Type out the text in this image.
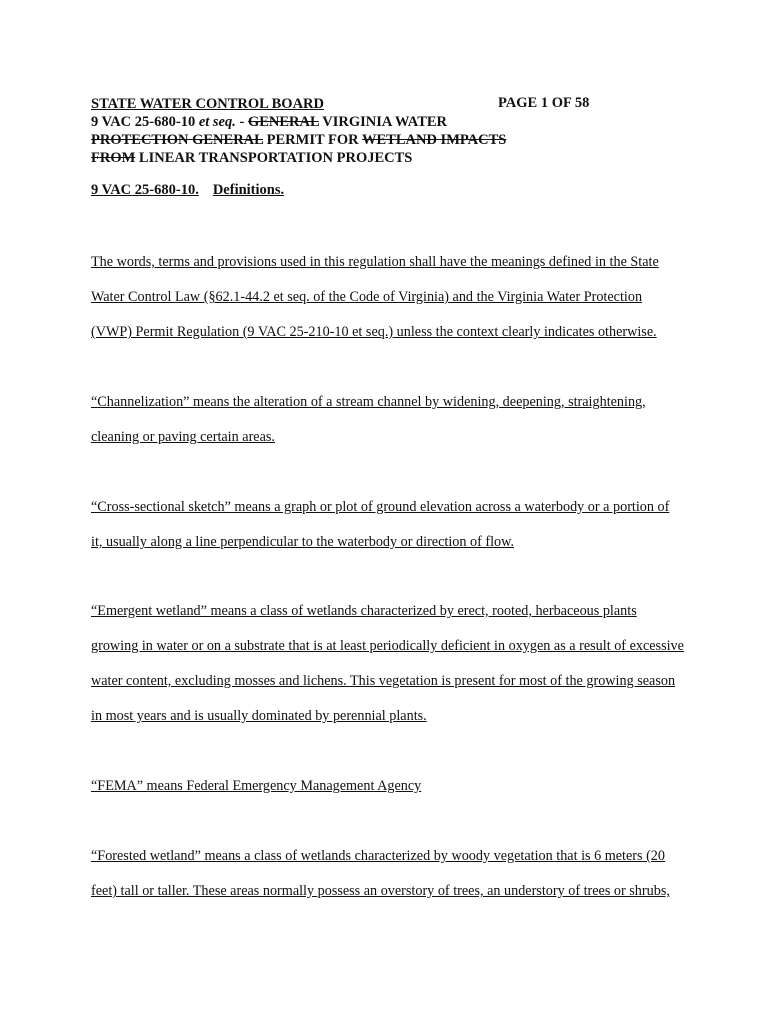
STATE WATER CONTROL BOARD	PAGE 1 OF 58
9 VAC 25-680-10 et seq. - GENERAL VIRGINIA WATER
PROTECTION GENERAL PERMIT FOR WETLAND IMPACTS
FROM LINEAR TRANSPORTATION PROJECTS
9 VAC 25-680-10. Definitions.
The words, terms and provisions used in this regulation shall have the meanings defined in the State
Water Control Law (§62.1-44.2 et seq. of the Code of Virginia) and the Virginia Water Protection
(VWP) Permit Regulation (9 VAC 25-210-10 et seq.) unless the context clearly indicates otherwise.
“Channelization” means the alteration of a stream channel by widening, deepening, straightening,
cleaning or paving certain areas.
“Cross-sectional sketch” means a graph or plot of ground elevation across a waterbody or a portion of
it, usually along a line perpendicular to the waterbody or direction of flow.
“Emergent wetland” means a class of wetlands characterized by erect, rooted, herbaceous plants
growing in water or on a substrate that is at least periodically deficient in oxygen as a result of excessive
water content, excluding mosses and lichens. This vegetation is present for most of the growing season
in most years and is usually dominated by perennial plants.
“FEMA” means Federal Emergency Management Agency
“Forested wetland” means a class of wetlands characterized by woody vegetation that is 6 meters (20
feet) tall or taller. These areas normally possess an overstory of trees, an understory of trees or shrubs,
